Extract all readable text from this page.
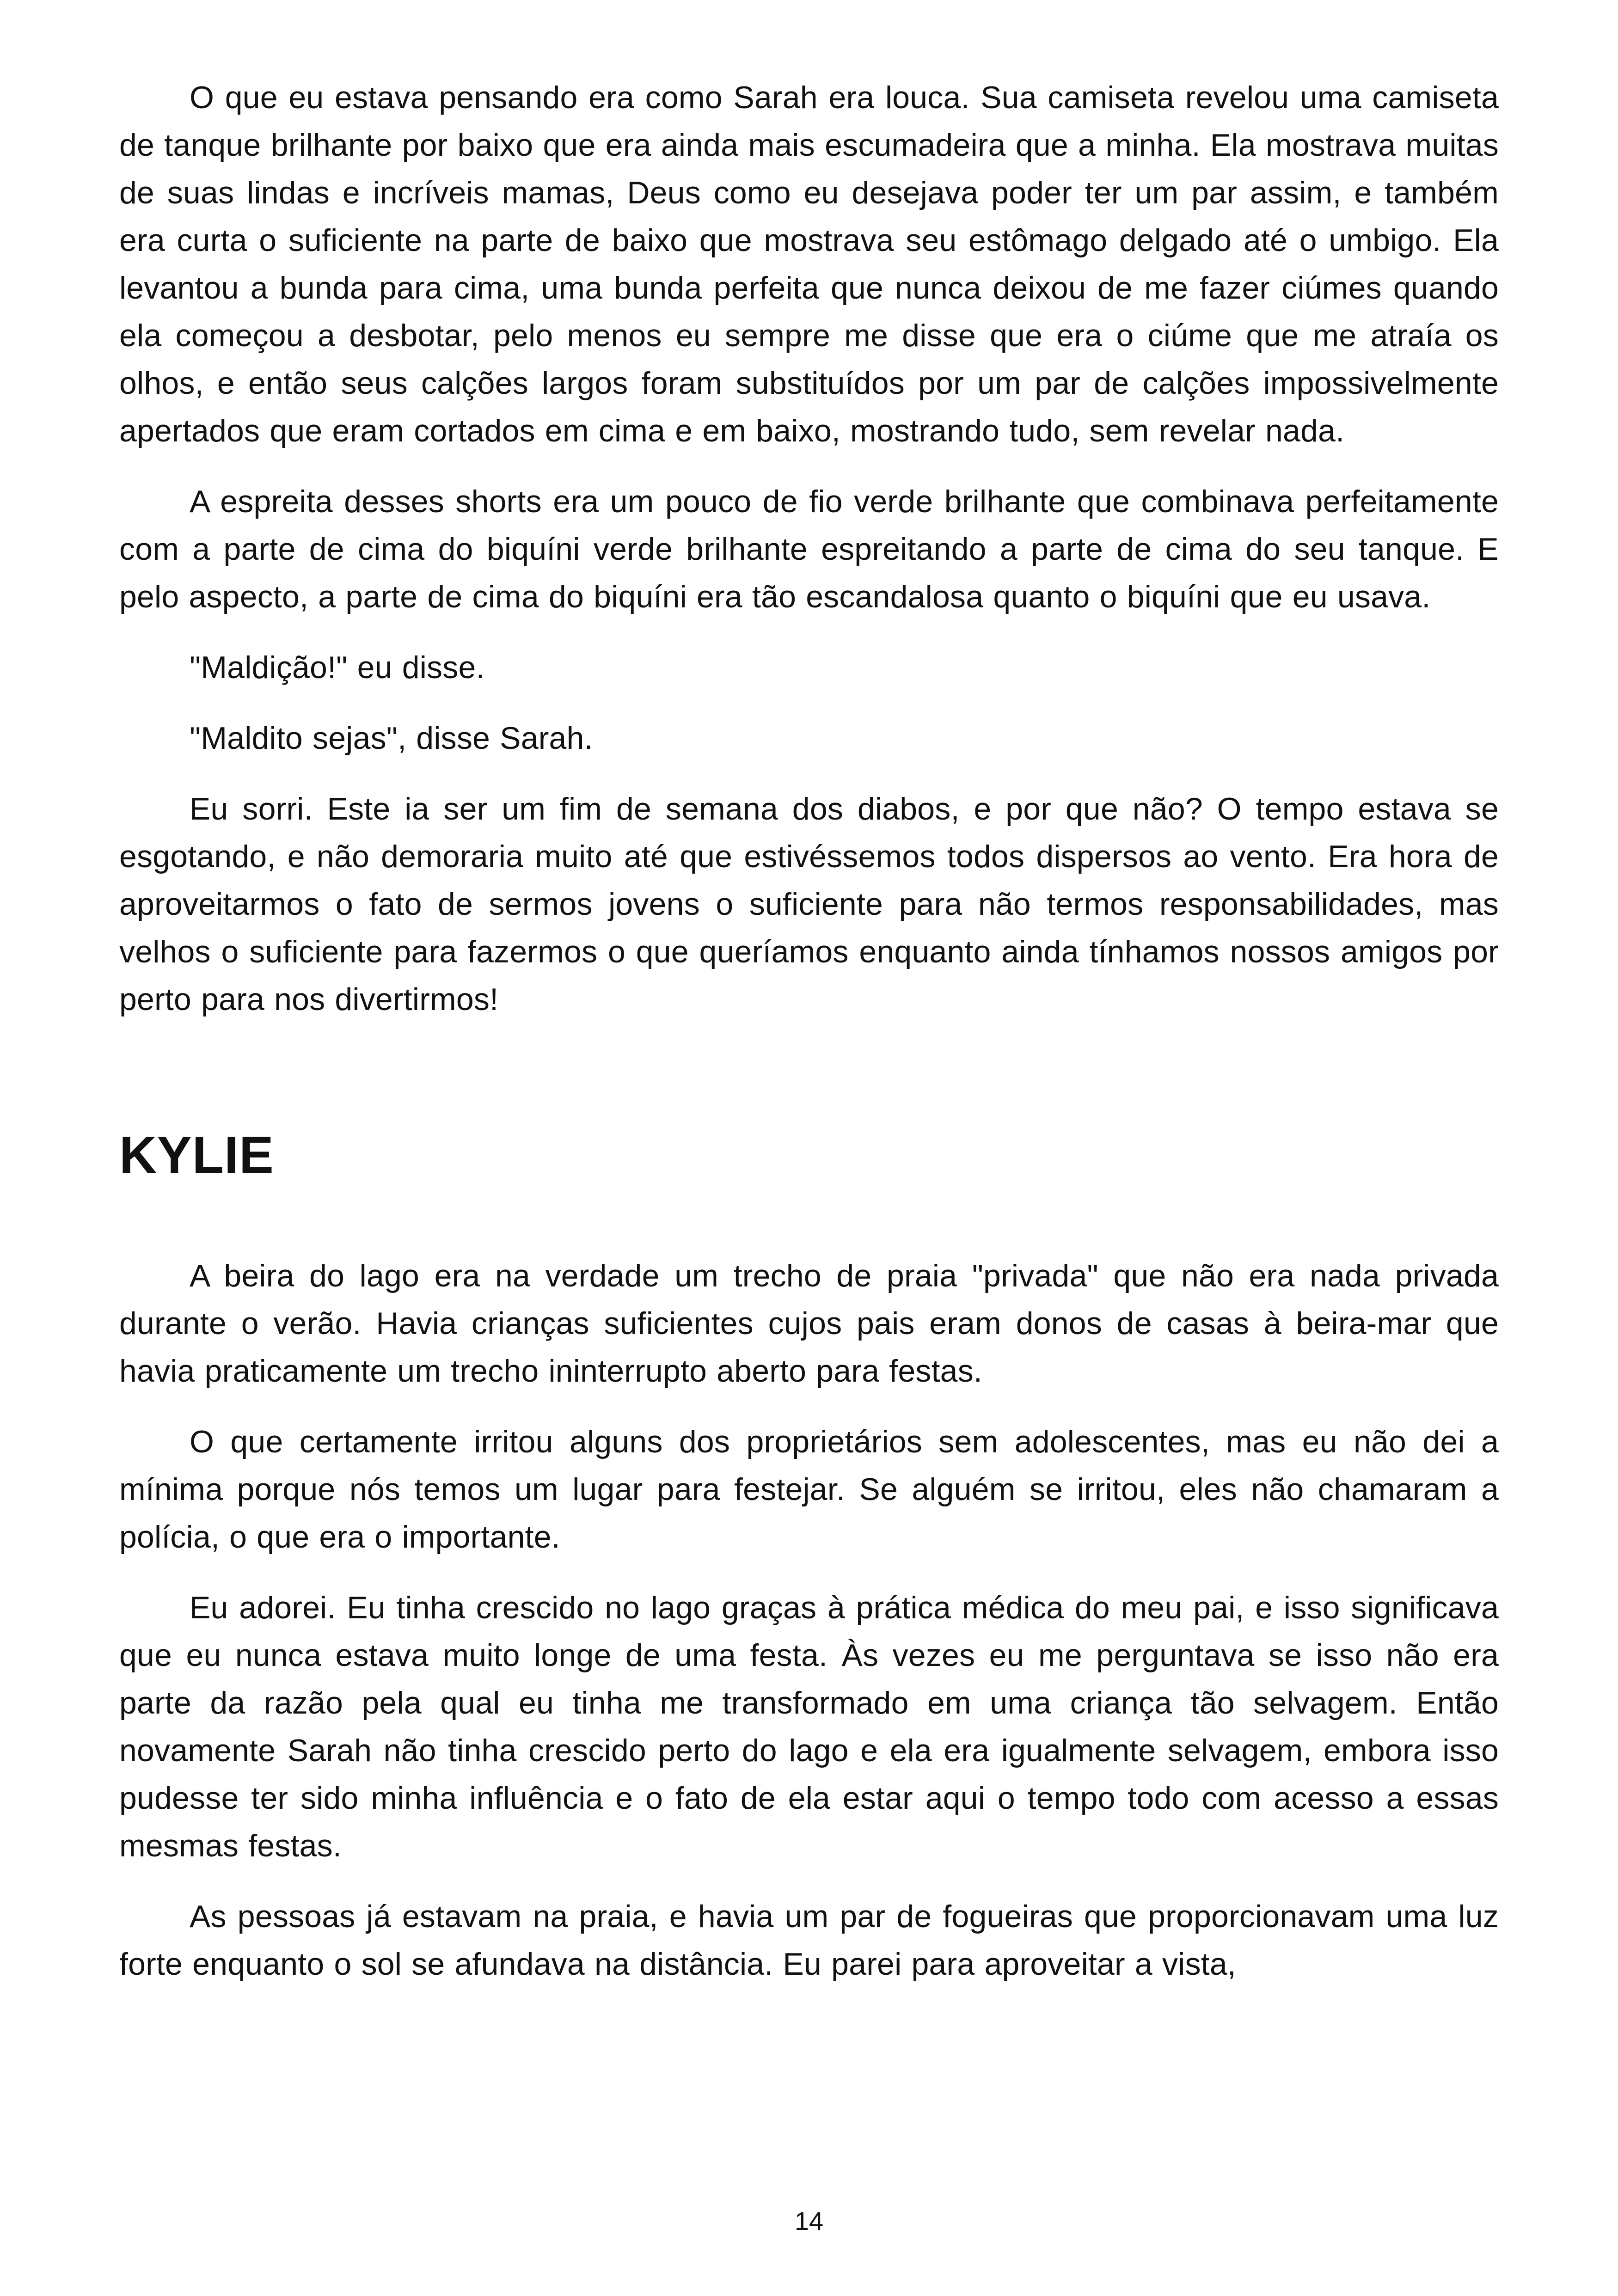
O que eu estava pensando era como Sarah era louca. Sua camiseta revelou uma camiseta de tanque brilhante por baixo que era ainda mais escumadeira que a minha. Ela mostrava muitas de suas lindas e incríveis mamas, Deus como eu desejava poder ter um par assim, e também era curta o suficiente na parte de baixo que mostrava seu estômago delgado até o umbigo. Ela levantou a bunda para cima, uma bunda perfeita que nunca deixou de me fazer ciúmes quando ela começou a desbotar, pelo menos eu sempre me disse que era o ciúme que me atraía os olhos, e então seus calções largos foram substituídos por um par de calções impossivelmente apertados que eram cortados em cima e em baixo, mostrando tudo, sem revelar nada.

A espreita desses shorts era um pouco de fio verde brilhante que combinava perfeitamente com a parte de cima do biquíni verde brilhante espreitando a parte de cima do seu tanque. E pelo aspecto, a parte de cima do biquíni era tão escandalosa quanto o biquíni que eu usava.

"Maldição!" eu disse.

"Maldito sejas", disse Sarah.

Eu sorri. Este ia ser um fim de semana dos diabos, e por que não? O tempo estava se esgotando, e não demoraria muito até que estivéssemos todos dispersos ao vento. Era hora de aproveitarmos o fato de sermos jovens o suficiente para não termos responsabilidades, mas velhos o suficiente para fazermos o que queríamos enquanto ainda tínhamos nossos amigos por perto para nos divertirmos!

KYLIE

A beira do lago era na verdade um trecho de praia "privada" que não era nada privada durante o verão. Havia crianças suficientes cujos pais eram donos de casas à beira-mar que havia praticamente um trecho ininterrupto aberto para festas.

O que certamente irritou alguns dos proprietários sem adolescentes, mas eu não dei a mínima porque nós temos um lugar para festejar. Se alguém se irritou, eles não chamaram a polícia, o que era o importante.

Eu adorei. Eu tinha crescido no lago graças à prática médica do meu pai, e isso significava que eu nunca estava muito longe de uma festa. Às vezes eu me perguntava se isso não era parte da razão pela qual eu tinha me transformado em uma criança tão selvagem. Então novamente Sarah não tinha crescido perto do lago e ela era igualmente selvagem, embora isso pudesse ter sido minha influência e o fato de ela estar aqui o tempo todo com acesso a essas mesmas festas.

As pessoas já estavam na praia, e havia um par de fogueiras que proporcionavam uma luz forte enquanto o sol se afundava na distância. Eu parei para aproveitar a vista,

14
